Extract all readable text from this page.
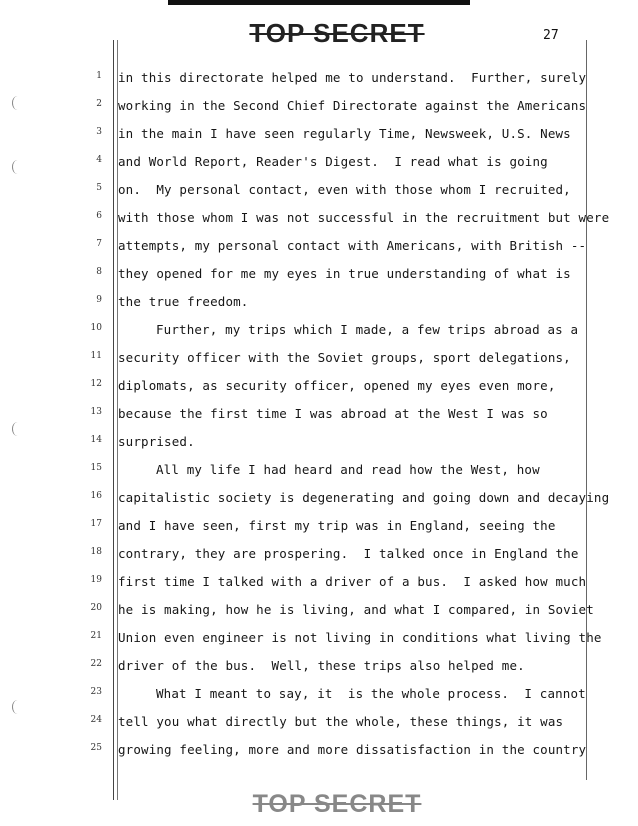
TOP SECRET	27
1 in this directorate helped me to understand.  Further, surely
2 working in the Second Chief Directorate against the Americans
3 in the main I have seen regularly Time, Newsweek, U.S. News
4 and World Report, Reader's Digest.  I read what is going
5 on.  My personal contact, even with those whom I recruited,
6 with those whom I was not successful in the recruitment but were
7 attempts, my personal contact with Americans, with British --
8 they opened for me my eyes in true understanding of what is
9 the true freedom.
10	Further, my trips which I made, a few trips abroad as a
11 security officer with the Soviet groups, sport delegations,
12 diplomats, as security officer, opened my eyes even more,
13 because the first time I was abroad at the West I was so
14 surprised.
15	All my life I had heard and read how the West, how
16 capitalistic society is degenerating and going down and decaying
17 and I have seen, first my trip was in England, seeing the
18 contrary, they are prospering.  I talked once in England the
19 first time I talked with a driver of a bus.  I asked how much
20 he is making, how he is living, and what I compared, in Soviet
21 Union even engineer is not living in conditions what living the
22 driver of the bus.  Well, these trips also helped me.
23	What I meant to say, it  is the whole process.  I cannot
24 tell you what directly but the whole, these things, it was
25 growing feeling, more and more dissatisfaction in the country
TOP SECRET
